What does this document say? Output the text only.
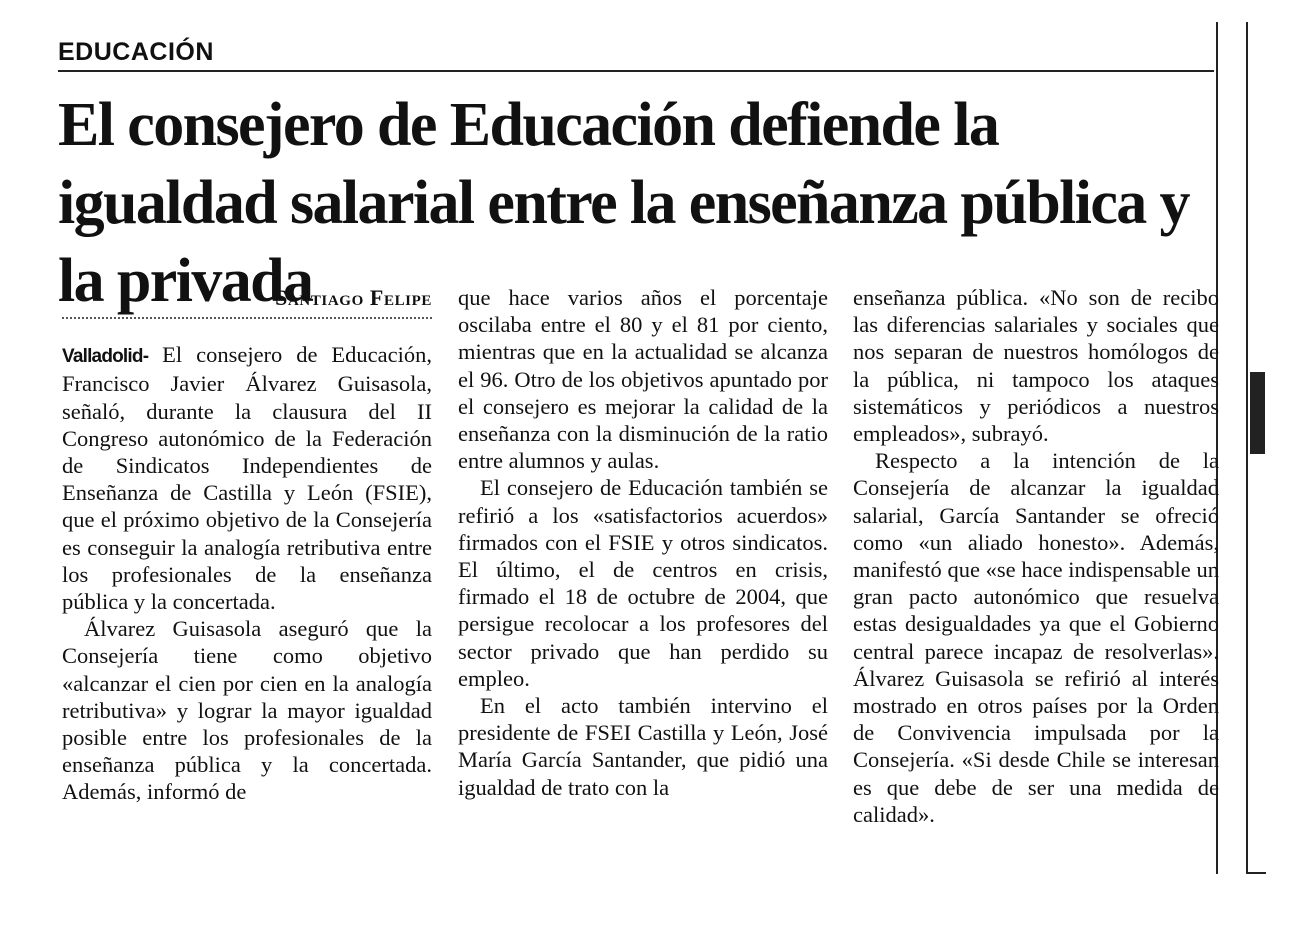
EDUCACIÓN
El consejero de Educación defiende la igualdad salarial entre la enseñanza pública y la privada

Santiago Felipe

Valladolid- El consejero de Educación, Francisco Javier Álvarez Guisasola, señaló, durante la clausura del II Congreso autonómico de la Federación de Sindicatos Independientes de Enseñanza de Castilla y León (FSIE), que el próximo objetivo de la Consejería es conseguir la analogía retributiva entre los profesionales de la enseñanza pública y la concertada.

Álvarez Guisasola aseguró que la Consejería tiene como objetivo «alcanzar el cien por cien en la analogía retributiva» y lograr la mayor igualdad posible entre los profesionales de la enseñanza pública y la concertada. Además, informó de

que hace varios años el porcentaje oscilaba entre el 80 y el 81 por ciento, mientras que en la actualidad se alcanza el 96. Otro de los objetivos apuntado por el consejero es mejorar la calidad de la enseñanza con la disminución de la ratio entre alumnos y aulas.

El consejero de Educación también se refirió a los «satisfactorios acuerdos» firmados con el FSIE y otros sindicatos. El último, el de centros en crisis, firmado el 18 de octubre de 2004, que persigue recolocar a los profesores del sector privado que han perdido su empleo.

En el acto también intervino el presidente de FSEI Castilla y León, José María García Santander, que pidió una igualdad de trato con la

enseñanza pública. «No son de recibo las diferencias salariales y sociales que nos separan de nuestros homólogos de la pública, ni tampoco los ataques sistemáticos y periódicos a nuestros empleados», subrayó.

Respecto a la intención de la Consejería de alcanzar la igualdad salarial, García Santander se ofreció como «un aliado honesto». Además, manifestó que «se hace indispensable un gran pacto autonómico que resuelva estas desigualdades ya que el Gobierno central parece incapaz de resolverlas». Álvarez Guisasola se refirió al interés mostrado en otros países por la Orden de Convivencia impulsada por la Consejería. «Si desde Chile se interesan es que debe de ser una medida de calidad».
